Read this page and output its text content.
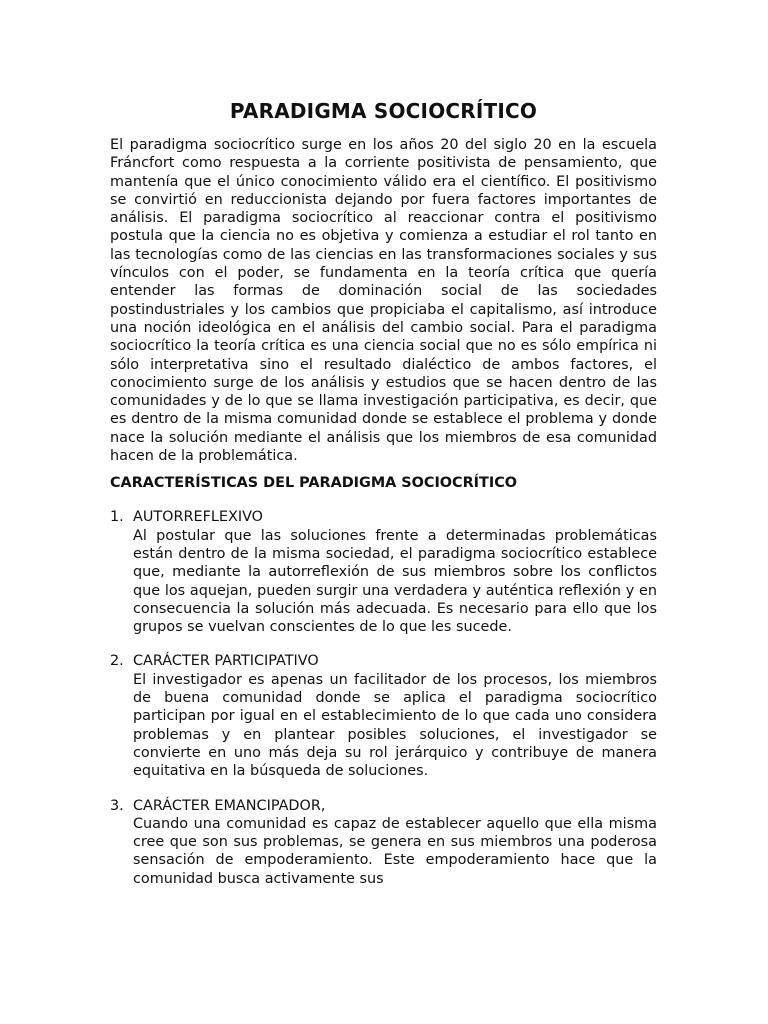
PARADIGMA SOCIOCRÍTICO

El paradigma sociocrítico surge en los años 20 del siglo 20 en la escuela Fráncfort como respuesta a la corriente positivista de pensamiento, que mantenía que el único conocimiento válido era el científico. El positivismo se convirtió en reduccionista dejando por fuera factores importantes de análisis. El paradigma sociocrítico al reaccionar contra el positivismo postula que la ciencia no es objetiva y comienza a estudiar el rol tanto en las tecnologías como de las ciencias en las transformaciones sociales y sus vínculos con el poder, se fundamenta en la teoría crítica que quería entender las formas de dominación social de las sociedades postindustriales y los cambios que propiciaba el capitalismo, así introduce una noción ideológica en el análisis del cambio social. Para el paradigma sociocrítico la teoría crítica es una ciencia social que no es sólo empírica ni sólo interpretativa sino el resultado dialéctico de ambos factores, el conocimiento surge de los análisis y estudios que se hacen dentro de las comunidades y de lo que se llama investigación participativa, es decir, que es dentro de la misma comunidad donde se establece el problema y donde nace la solución mediante el análisis que los miembros de esa comunidad hacen de la problemática.

CARACTERÍSTICAS DEL PARADIGMA SOCIOCRÍTICO
1. AUTORREFLEXIVO

Al postular que las soluciones frente a determinadas problemáticas están dentro de la misma sociedad, el paradigma sociocrítico establece que, mediante la autorreflexión de sus miembros sobre los conflictos que los aquejan, pueden surgir una verdadera y auténtica reflexión y en consecuencia la solución más adecuada. Es necesario para ello que los grupos se vuelvan conscientes de lo que les sucede.

2. CARÁCTER PARTICIPATIVO

El investigador es apenas un facilitador de los procesos, los miembros de buena comunidad donde se aplica el paradigma sociocrítico participan por igual en el establecimiento de lo que cada uno considera problemas y en plantear posibles soluciones, el investigador se convierte en uno más deja su rol jerárquico y contribuye de manera equitativa en la búsqueda de soluciones.

3. CARÁCTER EMANCIPADOR,

Cuando una comunidad es capaz de establecer aquello que ella misma cree que son sus problemas, se genera en sus miembros una poderosa sensación de empoderamiento. Este empoderamiento hace que la comunidad busca activamente sus
